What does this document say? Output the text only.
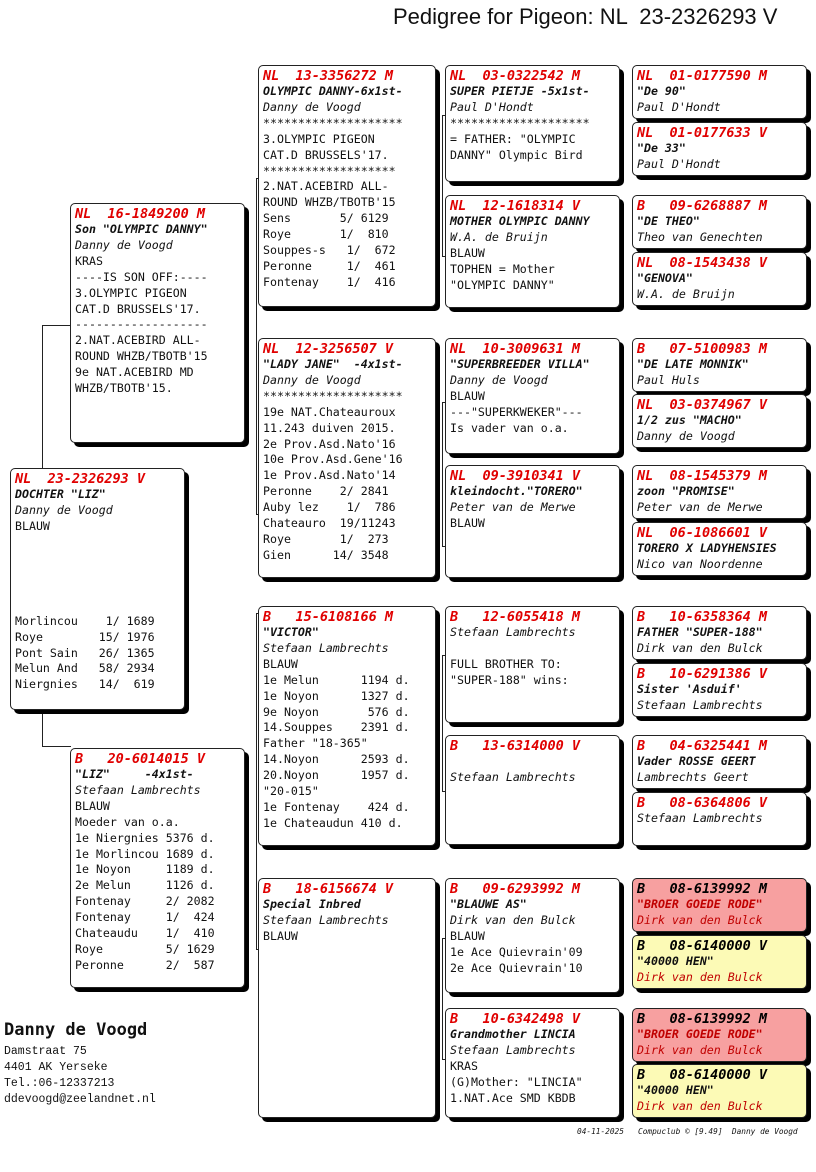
Pedigree for Pigeon: NL  23-2326293 V
NL  23-2326293 V
DOCHTER "LIZ"
Danny de Voogd
BLAUW
Morlincou    1/ 1689
Roye        15/ 1976
Pont Sain   26/ 1365
Melun And   58/ 2934
Niergnies   14/  619
NL  16-1849200 M
Son "OLYMPIC DANNY"
Danny de Voogd
KRAS
----IS SON OFF:----
3.OLYMPIC PIGEON
CAT.D BRUSSELS'17.
-------------------
2.NAT.ACEBIRD ALL-
ROUND WHZB/TBOTB'15
9e NAT.ACEBIRD MD
WHZB/TBOTB'15.
B   20-6014015 V
"LIZ"     -4x1st-
Stefaan Lambrechts
BLAUW
Moeder van o.a.
1e Niergnies 5376 d.
1e Morlincou 1689 d.
1e Noyon     1189 d.
2e Melun     1126 d.
Fontenay     2/ 2082
Fontenay     1/  424
Chateaudu    1/  410
Roye         5/ 1629
Peronne      2/  587
NL  13-3356272 M
OLYMPIC DANNY-6x1st-
Danny de Voogd
********************
3.OLYMPIC PIGEON
CAT.D BRUSSELS'17.
*******************
2.NAT.ACEBIRD ALL-
ROUND WHZB/TBOTB'15
Sens       5/ 6129
Roye       1/  810
Souppes-s   1/  672
Peronne     1/  461
Fontenay    1/  416
NL  12-3256507 V
"LADY JANE"  -4x1st-
Danny de Voogd
********************
19e NAT.Chateauroux
11.243 duiven 2015.
2e Prov.Asd.Nato'16
10e Prov.Asd.Gene'16
1e Prov.Asd.Nato'14
Peronne    2/ 2841
Auby lez    1/  786
Chateauro  19/11243
Roye       1/  273
Gien      14/ 3548
B   15-6108166 M
"VICTOR"
Stefaan Lambrechts
BLAUW
1e Melun      1194 d.
1e Noyon      1327 d.
9e Noyon       576 d.
14.Souppes    2391 d.
Father "18-365"
14.Noyon      2593 d.
20.Noyon      1957 d.
"20-015"
1e Fontenay    424 d.
1e Chateaudun 410 d.
B   18-6156674 V
Special Inbred
Stefaan Lambrechts
BLAUW
NL  03-0322542 M
SUPER PIETJE -5x1st-
Paul D'Hondt
********************
= FATHER: "OLYMPIC
DANNY" Olympic Bird
NL  12-1618314 V
MOTHER OLYMPIC DANNY
W.A. de Bruijn
BLAUW
TOPHEN = Mother
"OLYMPIC DANNY"
NL  10-3009631 M
"SUPERBREEDER VILLA"
Danny de Voogd
BLAUW
---"SUPERKWEKER"---
Is vader van o.a.
NL  09-3910341 V
kleindocht."TORERO"
Peter van de Merwe
BLAUW
B   12-6055418 M
Stefaan Lambrechts
FULL BROTHER TO:
"SUPER-188" wins:
B   13-6314000 V
Stefaan Lambrechts
B   09-6293992 M
"BLAUWE AS"
Dirk van den Bulck
BLAUW
1e Ace Quievrain'09
2e Ace Quievrain'10
B   10-6342498 V
Grandmother LINCIA
Stefaan Lambrechts
KRAS
(G)Mother: "LINCIA"
1.NAT.Ace SMD KBDB
NL  01-0177590 M
"De 90"
Paul D'Hondt
NL  01-0177633 V
"De 33"
Paul D'Hondt
B   09-6268887 M
"DE THEO"
Theo van Genechten
NL  08-1543438 V
"GENOVA"
W.A. de Bruijn
B   07-5100983 M
"DE LATE MONNIK"
Paul Huls
NL  03-0374967 V
1/2 zus "MACHO"
Danny de Voogd
NL  08-1545379 M
zoon "PROMISE"
Peter van de Merwe
NL  06-1086601 V
TORERO X LADYHENSIES
Nico van Noordenne
B   10-6358364 M
FATHER "SUPER-188"
Dirk van den Bulck
B   10-6291386 V
Sister 'Asduif'
Stefaan Lambrechts
B   04-6325441 M
Vader ROSSE GEERT
Lambrechts Geert
B   08-6364806 V
Stefaan Lambrechts
B   08-6139992 M
"BROER GOEDE RODE"
Dirk van den Bulck
B   08-6140000 V
"40000 HEN"
Dirk van den Bulck
B   08-6139992 M
"BROER GOEDE RODE"
Dirk van den Bulck
B   08-6140000 V
"40000 HEN"
Dirk van den Bulck
Danny de Voogd
Damstraat 75
4401 AK Yerseke
Tel.:06-12337213
ddevoogd@zeelandnet.nl
04-11-2025   Compuclub © [9.49]  Danny de Voogd
